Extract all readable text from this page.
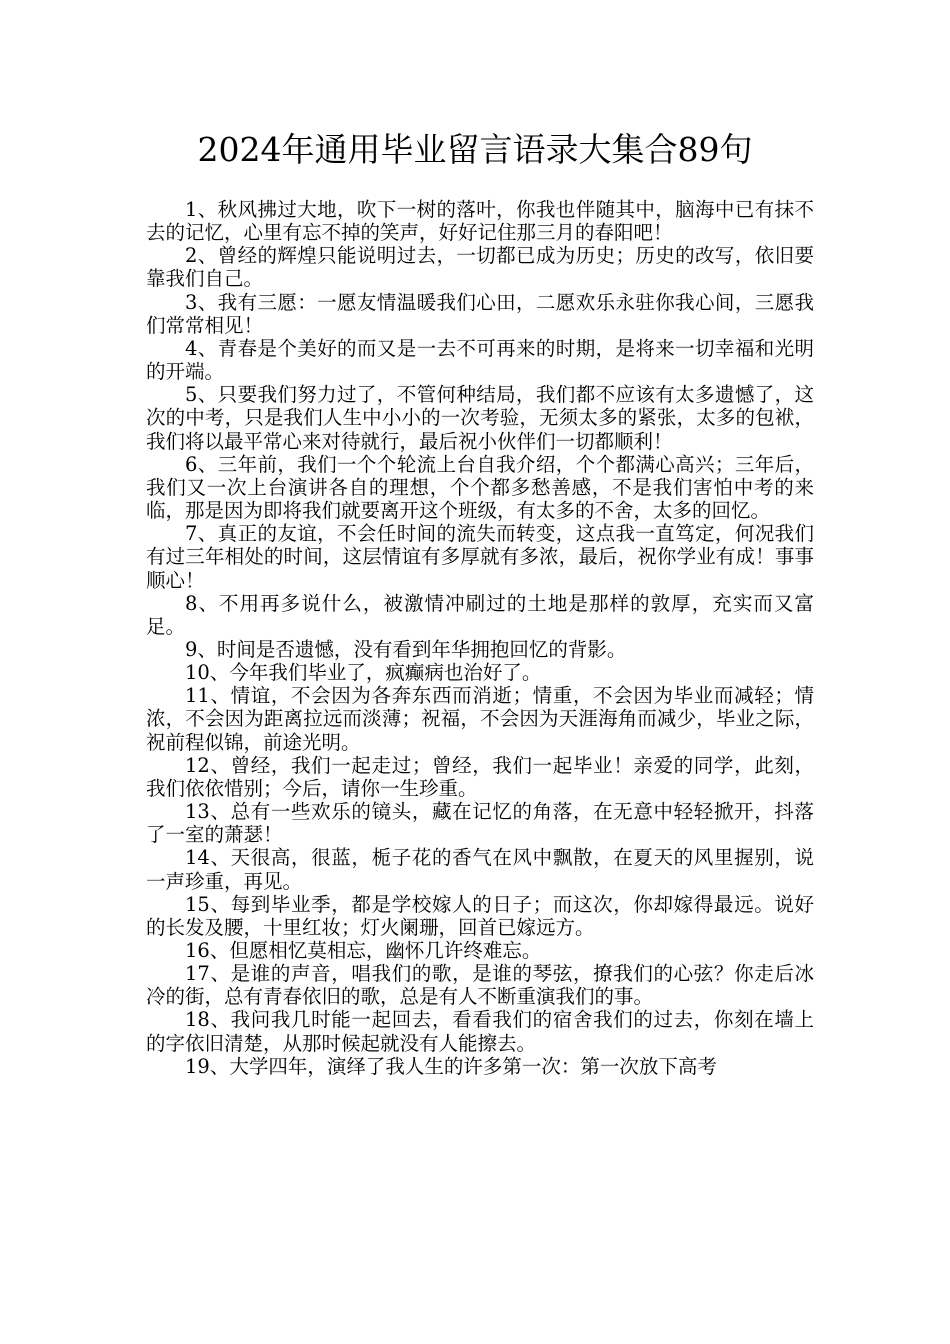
2024年通用毕业留言语录大集合89句

1、秋风拂过大地，吹下一树的落叶，你我也伴随其中，脑海中已有抹不去的记忆，心里有忘不掉的笑声，好好记住那三月的春阳吧！

2、曾经的辉煌只能说明过去，一切都已成为历史；历史的改写，依旧要靠我们自己。

3、我有三愿：一愿友情温暖我们心田，二愿欢乐永驻你我心间，三愿我们常常相见！

4、青春是个美好的而又是一去不可再来的时期，是将来一切幸福和光明的开端。

5、只要我们努力过了，不管何种结局，我们都不应该有太多遗憾了，这次的中考，只是我们人生中小小的一次考验，无须太多的紧张，太多的包袱，我们将以最平常心来对待就行，最后祝小伙伴们一切都顺利！

6、三年前，我们一个个轮流上台自我介绍，个个都满心高兴；三年后，我们又一次上台演讲各自的理想，个个都多愁善感，不是我们害怕中考的来临，那是因为即将我们就要离开这个班级，有太多的不舍，太多的回忆。

7、真正的友谊，不会任时间的流失而转变，这点我一直笃定，何况我们有过三年相处的时间，这层情谊有多厚就有多浓，最后，祝你学业有成！事事顺心！

8、不用再多说什么，被激情冲刷过的土地是那样的敦厚，充实而又富足。

9、时间是否遗憾，没有看到年华拥抱回忆的背影。

10、今年我们毕业了，疯癫病也治好了。

11、情谊，不会因为各奔东西而消逝；情重，不会因为毕业而减轻；情浓，不会因为距离拉远而淡薄；祝福，不会因为天涯海角而减少，毕业之际，祝前程似锦，前途光明。

12、曾经，我们一起走过；曾经，我们一起毕业！亲爱的同学，此刻，我们依依惜别；今后，请你一生珍重。

13、总有一些欢乐的镜头，藏在记忆的角落，在无意中轻轻掀开，抖落了一室的萧瑟！

14、天很高，很蓝，栀子花的香气在风中飘散，在夏天的风里握别，说一声珍重，再见。

15、每到毕业季，都是学校嫁人的日子；而这次，你却嫁得最远。说好的长发及腰，十里红妆；灯火阑珊，回首已嫁远方。

16、但愿相忆莫相忘，幽怀几许终难忘。

17、是谁的声音，唱我们的歌，是谁的琴弦，撩我们的心弦？你走后冰冷的街，总有青春依旧的歌，总是有人不断重演我们的事。

18、我问我几时能一起回去，看看我们的宿舍我们的过去，你刻在墙上的字依旧清楚，从那时候起就没有人能擦去。

19、大学四年，演绎了我人生的许多第一次：第一次放下高考
